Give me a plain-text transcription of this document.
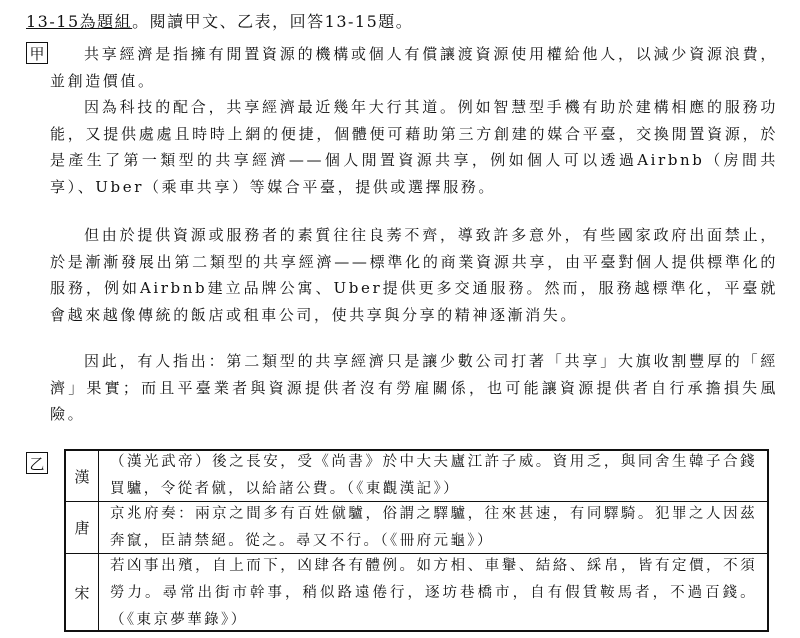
13-15為題組。閱讀甲文、乙表，回答13-15題。
甲	共享經濟是指擁有閒置資源的機構或個人有償讓渡資源使用權給他人，以減少資源浪費，並創造價值。

因為科技的配合，共享經濟最近幾年大行其道。例如智慧型手機有助於建構相應的服務功能，又提供處處且時時上網的便捷，個體便可藉助第三方創建的媒合平臺，交換閒置資源，於是產生了第一類型的共享經濟——個人閒置資源共享，例如個人可以透過Airbnb（房間共享）、Uber（乘車共享）等媒合平臺，提供或選擇服務。

但由於提供資源或服務者的素質往往良莠不齊，導致許多意外，有些國家政府出面禁止，於是漸漸發展出第二類型的共享經濟——標準化的商業資源共享，由平臺對個人提供標準化的服務，例如Airbnb建立品牌公寓、Uber提供更多交通服務。然而，服務越標準化，平臺就會越來越像傳統的飯店或租車公司，使共享與分享的精神逐漸消失。

因此，有人指出：第二類型的共享經濟只是讓少數公司打著「共享」大旗收割豐厚的「經濟」果實；而且平臺業者與資源提供者沒有勞雇關係，也可能讓資源提供者自行承擔損失風險。

乙
漢

（漢光武帝）後之長安，受《尚書》於中大夫廬江許子威。資用乏，與同舍生韓子合錢買驢，令從者僦，以給諸公費。（《東觀漢記》）

唐

京兆府奏：兩京之間多有百姓僦驢，俗謂之驛驢，往來甚速，有同驛騎。犯罪之人因茲奔竄，臣請禁絕。從之。尋又不行。（《冊府元龜》）

宋

若凶事出殯，自上而下，凶肆各有體例。如方相、車轝、結絡、綵帛，皆有定價，不須勞力。尋常出街市幹事，稍似路遠倦行，逐坊巷橋市，自有假賃鞍馬者，不過百錢。（《東京夢華錄》）
